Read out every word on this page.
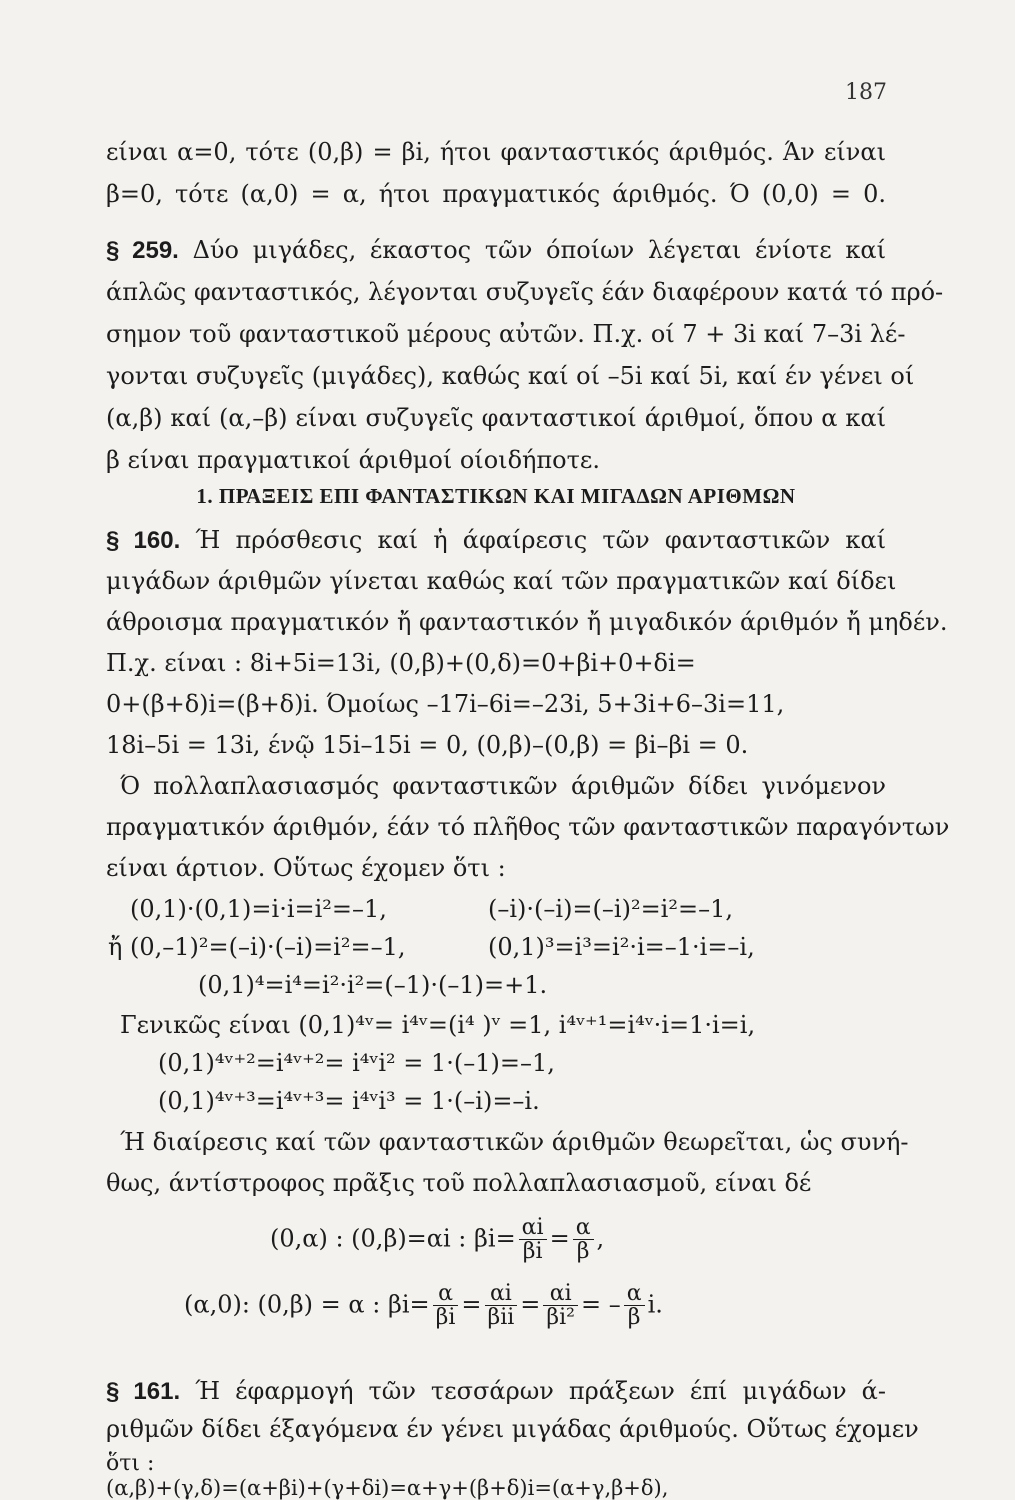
187
είναι α=0, τότε (0,β) = βi, ήτοι φανταστικός άριθμός. Άν είναι
β=0, τότε (α,0) = α, ήτοι πραγματικός άριθμός. Ό (0,0) = 0.
§ 259. Δύο μιγάδες, έκαστος τῶν όποίων λέγεται ένίοτε καί
άπλῶς φανταστικός, λέγονται συζυγεῖς έάν διαφέρουν κατά τό πρό-
σημον τοῦ φανταστικοῦ μέρους αὐτῶν. Π.χ. οί 7 + 3i καί 7–3i λέ-
γονται συζυγεῖς (μιγάδες), καθώς καί οί –5i καί 5i, καί έν γένει οί
(α,β) καί (α,–β) είναι συζυγεῖς φανταστικοί άριθμοί, ὅπου α καί
β είναι πραγματικοί άριθμοί οίοιδήποτε.
1. ΠΡΑΞΕΙΣ ΕΠΙ ΦΑΝΤΑΣΤΙΚΩΝ ΚΑΙ ΜΙΓΑΔΩΝ ΑΡΙΘΜΩΝ
§ 160. Ή πρόσθεσις καί ἡ άφαίρεσις τῶν φανταστικῶν καί
μιγάδων άριθμῶν γίνεται καθώς καί τῶν πραγματικῶν καί δίδει
άθροισμα πραγματικόν ἤ φανταστικόν ἤ μιγαδικόν άριθμόν ἤ μηδέν.
Π.χ. είναι : 8i+5i=13i, (0,β)+(0,δ)=0+βi+0+δi=
0+(β+δ)i=(β+δ)i. Όμοίως –17i–6i=–23i, 5+3i+6–3i=11,
18i–5i = 13i, ένῷ 15i–15i = 0, (0,β)–(0,β) = βi–βi = 0.
Ό πολλαπλασιασμός φανταστικῶν άριθμῶν δίδει γινόμενον
πραγματικόν άριθμόν, έάν τό πλῆθος τῶν φανταστικῶν παραγόντων
είναι άρτιον. Οὕτως έχομεν ὅτι :
(0,1)·(0,1)=i·i=i²=–1,	(–i)·(–i)=(–i)²=i²=–1,
ἤ (0,–1)²=(–i)·(–i)=i²=–1,	(0,1)³=i³=i²·i=–1·i=–i,
(0,1)⁴=i⁴=i²·i²=(–1)·(–1)=+1.
Γενικῶς είναι (0,1)⁴ᵛ= i⁴ᵛ=(i⁴ )ᵛ =1, i⁴ᵛ⁺¹=i⁴ᵛ·i=1·i=i,
(0,1)⁴ᵛ⁺²=i⁴ᵛ⁺²= i⁴ᵛi² = 1·(–1)=–1,
(0,1)⁴ᵛ⁺³=i⁴ᵛ⁺³= i⁴ᵛi³ = 1·(–i)=–i.
Ή διαίρεσις καί τῶν φανταστικῶν άριθμῶν θεωρεῖται, ὡς συνή-
θως, άντίστροφος πρᾶξις τοῦ πολλαπλασιασμοῦ, είναι δέ
(0,α) : (0,β)=αi : $\beta i= \frac{\alpha i}{\beta i} = \frac{\alpha}{\beta}$ ,
(α,0): (0,β) = α : $\beta i= \frac{\alpha}{\beta i} = \frac{\alpha i}{\text{βii}} = \frac{\alpha i}{\text{βi²}}$ = – $\frac{\alpha}{\beta} i$.
§ 161. Ή έφαρμογή τῶν τεσσάρων πράξεων έπί μιγάδων ά-
ριθμῶν δίδει έξαγόμενα έν γένει μιγάδας άριθμούς. Οὕτως έχομεν
ὅτι :
(α,β)+(γ,δ)=(α+βi)+(γ+δi)=α+γ+(β+δ)i=(α+γ,β+δ),
